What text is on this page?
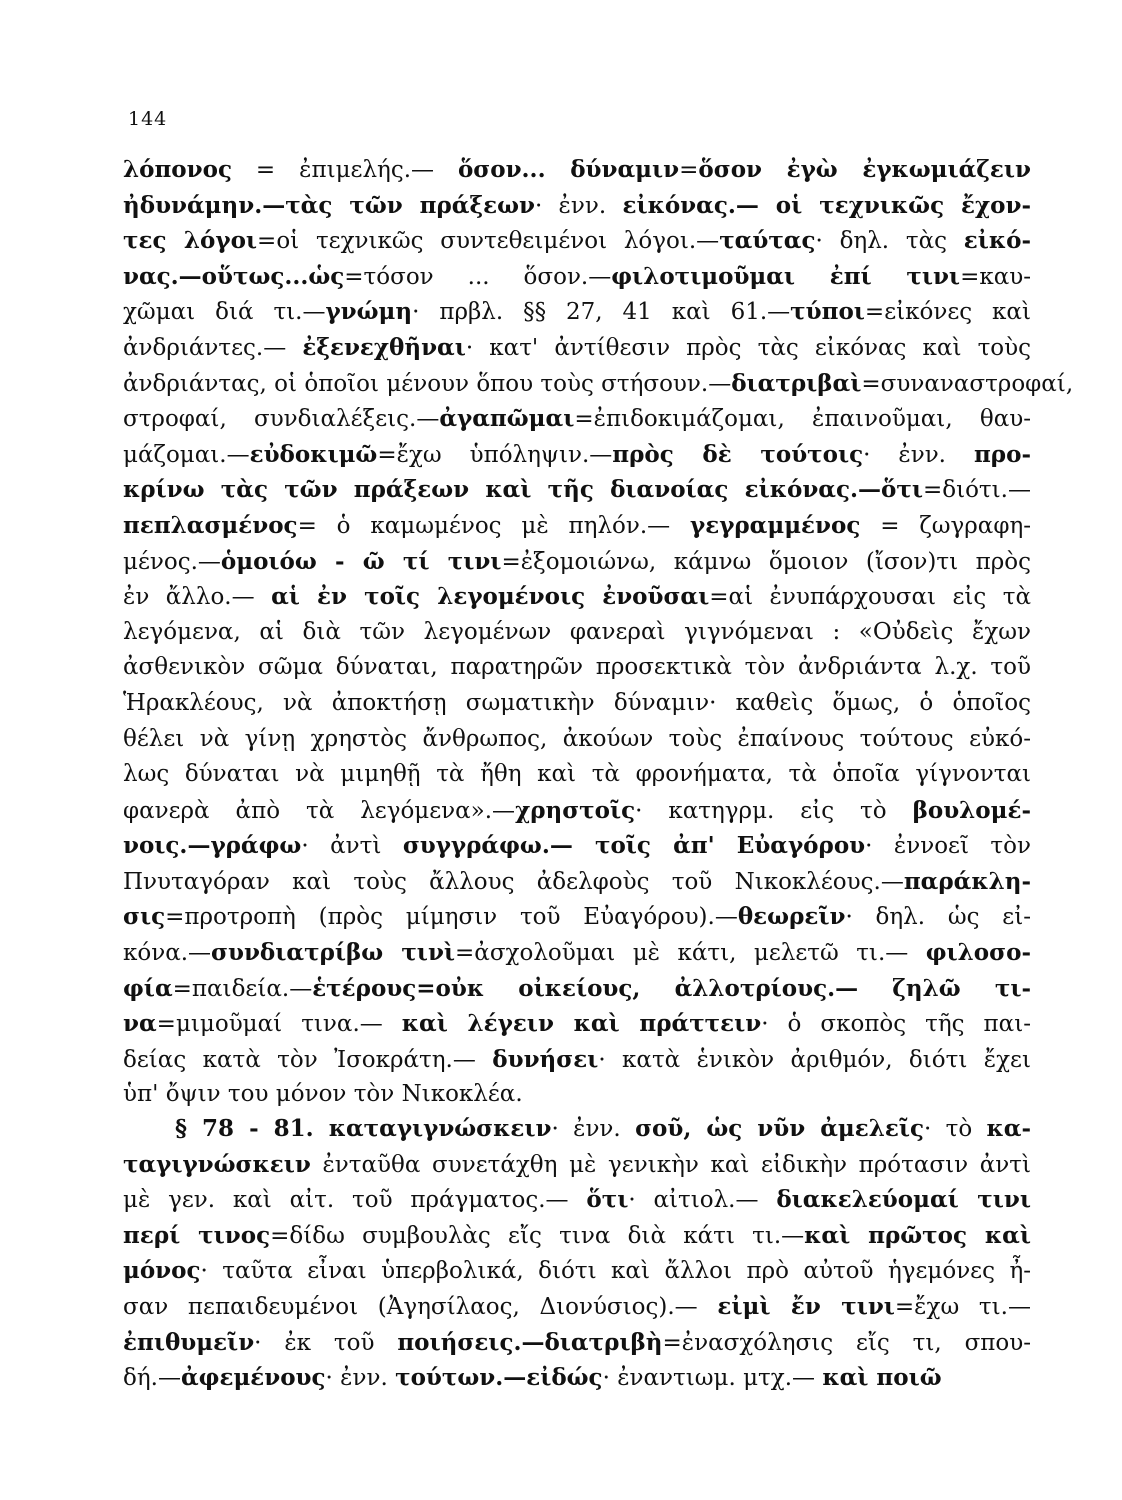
144
λόπονος = ἐπιμελής.— ὅσον... δύναμιν=ὅσον ἐγὼ ἐγκωμιάζειν
ἠδυνάμην.—τὰς τῶν πράξεων· ἐνν. εἰκόνας.— οἱ τεχνικῶς ἔχον-
τες λόγοι=οἱ τεχνικῶς συντεθειμένοι λόγοι.—ταύτας· δηλ. τὰς εἰκό-
νας.—οὕτως...ὡς=τόσον ... ὅσον.—φιλοτιμοῦμαι ἐπί τινι=καυ-
χῶμαι διά τι.—γνώμη· πρβλ. §§ 27, 41 καὶ 61.—τύποι=εἰκόνες καὶ
ἀνδριάντες.— ἐξενεχθῆναι· κατ' ἀντίθεσιν πρὸς τὰς εἰκόνας καὶ τοὺς
ἀνδριάντας, οἱ ὁποῖοι μένουν ὅπου τοὺς στήσουν.—διατριβαὶ=συναναστροφαί,
στροφαί, συνδιαλέξεις.—ἀγαπῶμαι=ἐπιδοκιμάζομαι, ἐπαινοῦμαι, θαυ-
μάζομαι.—εὐδοκιμῶ=ἔχω ὑπόληψιν.—πρὸς δὲ τούτοις· ἐνν. προ-
κρίνω τὰς τῶν πράξεων καὶ τῆς διανοίας εἰκόνας.—ὅτι=διότι.—
πεπλασμένος= ὁ καμωμένος μὲ πηλόν.— γεγραμμένος = ζωγραφη-
μένος.—ὁμοιόω - ῶ τί τινι=ἐξομοιώνω, κάμνω ὅμοιον (ἴσον)τι πρὸς
ἐν ἄλλο.— αἱ ἐν τοῖς λεγομένοις ἐνοῦσαι=αἱ ἐνυπάρχουσαι εἰς τὰ
λεγόμενα, αἱ διὰ τῶν λεγομένων φανεραὶ γιγνόμεναι : «Οὐδεὶς ἔχων
ἀσθενικὸν σῶμα δύναται, παρατηρῶν προσεκτικὰ τὸν ἀνδριάντα λ.χ. τοῦ
Ἡρακλέους, νὰ ἀποκτήσῃ σωματικὴν δύναμιν· καθεὶς ὅμως, ὁ ὁποῖος
θέλει νὰ γίνῃ χρηστὸς ἄνθρωπος, ἀκούων τοὺς ἐπαίνους τούτους εὐκό-
λως δύναται νὰ μιμηθῇ τὰ ἤθη καὶ τὰ φρονήματα, τὰ ὁποῖα γίγνονται
φανερὰ ἀπὸ τὰ λεγόμενα».—χρηστοῖς· κατηγρμ. εἰς τὸ βουλομέ-
νοις.—γράφω· ἀντὶ συγγράφω.— τοῖς ἀπ' Εὐαγόρου· ἐννοεῖ τὸν
Πνυταγόραν καὶ τοὺς ἄλλους ἀδελφοὺς τοῦ Νικοκλέους.—παράκλη-
σις=προτροπὴ (πρὸς μίμησιν τοῦ Εὐαγόρου).—θεωρεῖν· δηλ. ὡς εἰ-
κόνα.—συνδιατρίβω τινὶ=ἀσχολοῦμαι μὲ κάτι, μελετῶ τι.— φιλοσο-
φία=παιδεία.—ἑτέρους=οὐκ οἰκείους, ἀλλοτρίους.— ζηλῶ τι-
να=μιμοῦμαί τινα.— καὶ λέγειν καὶ πράττειν· ὁ σκοπὸς τῆς παι-
δείας κατὰ τὸν Ἰσοκράτη.— δυνήσει· κατὰ ἑνικὸν ἀριθμόν, διότι ἔχει
ὑπ' ὄψιν του μόνον τὸν Νικοκλέα.
§ 78 - 81. καταγιγνώσκειν· ἐνν. σοῦ, ὡς νῦν ἀμελεῖς· τὸ κα-
ταγιγνώσκειν ἐνταῦθα συνετάχθη μὲ γενικὴν καὶ εἰδικὴν πρότασιν ἀντὶ
μὲ γεν. καὶ αἰτ. τοῦ πράγματος.— ὅτι· αἰτιολ.— διακελεύομαί τινι
περί τινος=δίδω συμβουλὰς εἴς τινα διὰ κάτι τι.—καὶ πρῶτος καὶ
μόνος· ταῦτα εἶναι ὑπερβολικά, διότι καὶ ἄλλοι πρὸ αὐτοῦ ἡγεμόνες ἦ-
σαν πεπαιδευμένοι (Ἀγησίλαος, Διονύσιος).— εἰμὶ ἔν τινι=ἔχω τι.—
ἐπιθυμεῖν· ἐκ τοῦ ποιήσεις.—διατριβὴ=ἐνασχόλησις εἴς τι, σπου-
δή.—ἀφεμένους· ἐνν. τούτων.—εἰδώς· ἐναντιωμ. μτχ.— καὶ ποιῶ
